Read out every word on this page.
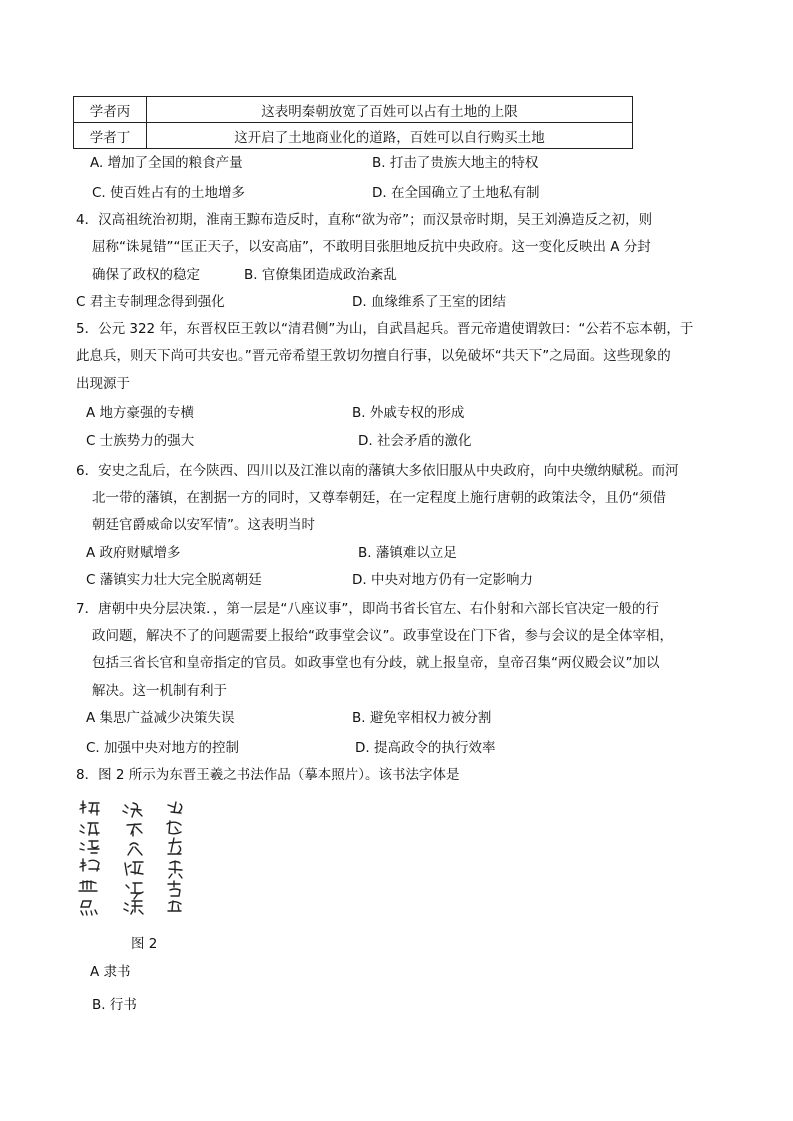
学者丙	这表明秦朝放宽了百姓可以占有土地的上限
学者丁	这开启了土地商业化的道路，百姓可以自行购买土地
A. 增加了全国的粮食产量	B. 打击了贵族大地主的特权
C. 使百姓占有的土地增多	D. 在全国确立了土地私有制
4．汉高祖统治初期，淮南王黥布造反时，直称“欲为帝”；而汉景帝时期，吴王刘濞造反之初，则
屈称“诛晁错”“匡正天子，以安高庙”，不敢明目张胆地反抗中央政府。这一变化反映出 A 分封
确保了政权的稳定	B. 官僚集团造成政治紊乱
C 君主专制理念得到强化	D. 血缘维系了王室的团结
5．公元 322 年，东晋权臣王敦以“清君侧”为山，自武昌起兵。晋元帝遣使谓敦曰：“公若不忘本朝，于
此息兵，则天下尚可共安也。”晋元帝希望王敦切勿擅自行事，以免破坏“共天下”之局面。这些现象的
出现源于
A 地方豪强的专横	B. 外戚专权的形成
C 士族势力的强大	D. 社会矛盾的激化
6．安史之乱后，在今陕西、四川以及江淮以南的藩镇大多依旧服从中央政府，向中央缴纳赋税。而河
北一带的藩镇，在割据一方的同时，又尊奉朝廷，在一定程度上施行唐朝的政策法令，且仍“须借
朝廷官爵威命以安军情”。这表明当时
A 政府财赋增多	B. 藩镇难以立足
C 藩镇实力壮大完全脱离朝廷	D. 中央对地方仍有一定影响力
7．唐朝中央分层决策．，第一层是“八座议事”，即尚书省长官左、右仆射和六部长官决定一般的行
政问题，解决不了的问题需要上报给“政事堂会议”。政事堂设在门下省，参与会议的是全体宰相，
包括三省长官和皇帝指定的官员。如政事堂也有分歧，就上报皇帝，皇帝召集“两仪殿会议”加以
解决。这一机制有利于
A 集思广益减少决策失误	B. 避免宰相权力被分割
C. 加强中央对地方的控制	D. 提高政令的执行效率
8．图 2 所示为东晋王羲之书法作品（摹本照片）。该书法字体是
图 2
A 隶书
B. 行书
